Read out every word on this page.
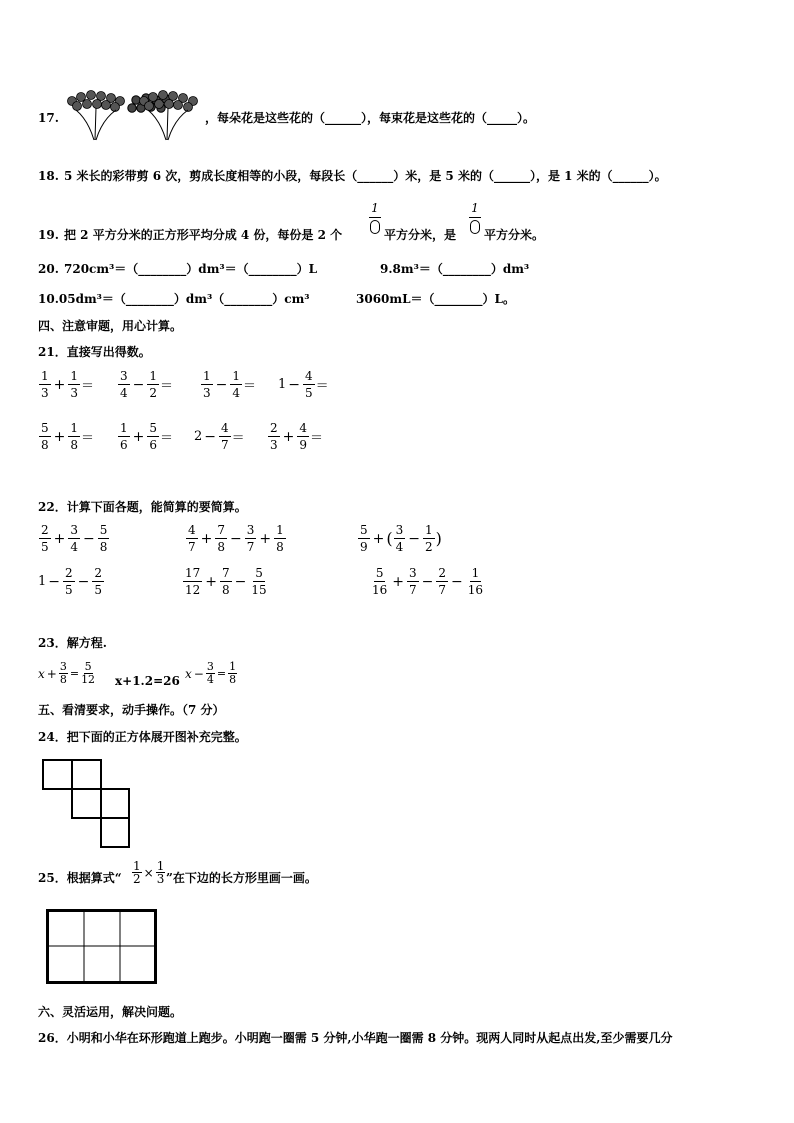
17.	，每朵花是这些花的（______），每束花是这些花的（_____）。
18. 5 米长的彩带剪 6 次，剪成长度相等的小段，每段长（______）米，是 5 米的（______），是 1 米的（______）。
19. 把 2 平方分米的正方形平均分成 4 份，每份是 2 个
1
平方分米，是
1
平方分米。
20. 720cm³＝（________）dm³＝（________）L	9.8m³＝（________）dm³
10.05dm³＝（________）dm³（________）cm³	3060mL＝（________）L。
四、注意审题，用心计算。
21．直接写出得数。
$\frac{1}{3} + \frac{1}{3} = \frac{3}{4} - \frac{1}{2} = \frac{1}{3} - \frac{1}{4} = 1 - \frac{4}{5}$ ＝
$\frac{5}{8} + \frac{1}{8} = \frac{1}{6} + \frac{5}{6} = 2 - \frac{4}{7} = \frac{2}{3} + \frac{4}{9}$ ＝
22．计算下面各题，能简算的要简算。
$\frac{2}{5} + \frac{3}{4} - \frac{5}{8}$	$\frac{4}{7} + \frac{7}{8} - \frac{3}{7} + \frac{1}{8}$	$\frac{5}{9}$ + ( $\frac{3}{4} - \frac{1}{2}$ )
$1 - \frac{2}{5} - \frac{2}{5}$	$\frac{17}{12} + \frac{7}{8} - \frac{5}{15}$	$\frac{5}{16} + \frac{3}{7} - \frac{2}{7} - \frac{1}{16}$
23．解方程.
$x + \frac{3}{8} = \frac{5}{12} x+1.2=26$
$x - \frac{3}{4} = \frac{1}{8}$
五、看清要求，动手操作。（7 分）
24．把下面的正方体展开图补充完整。
25．根据算式“ $\frac{1}{2} \times \frac{1}{3}$ ”在下边的长方形里画一画。
六、灵活运用，解决问题。
26．小明和小华在环形跑道上跑步。小明跑一圈需 5 分钟,小华跑一圈需 8 分钟。现两人同时从起点出发,至少需要几分
